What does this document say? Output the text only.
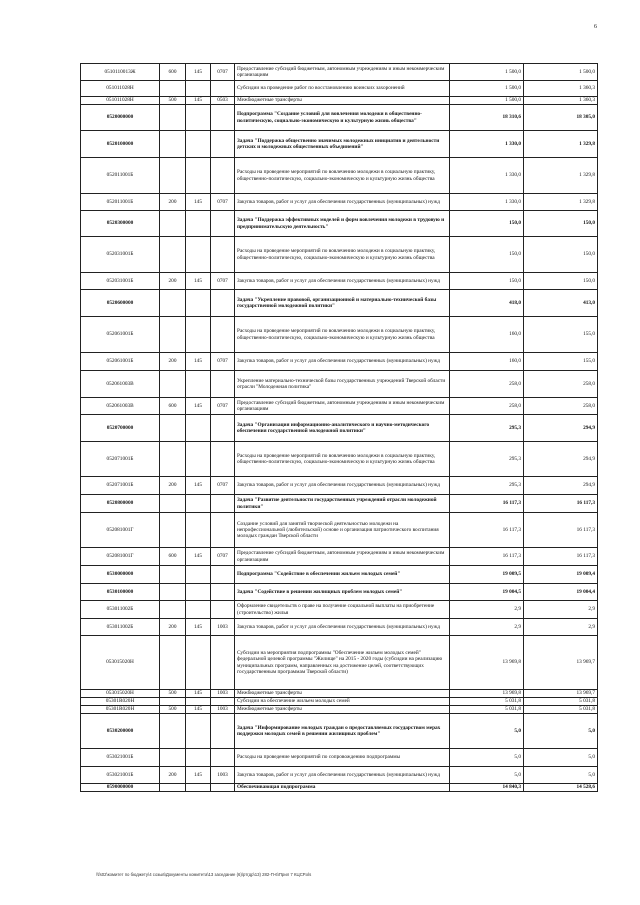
6
0510110013Ж	600	145	0707	Предоставление субсидий бюджетным, автономным учреждениям и иным некоммерческим организациям	1 500,0	1 500,0
051011028Н				Субсидии на проведение работ по восстановлению воинских захоронений	1 500,0	1 360,3
051011028Н	500	145	0503	Межбюджетные трансферты	1 500,0	1 360,3
0520000000				Подпрограмма "Создание условий для вовлечения молодежи в общественно-политическую, социально-экономическую и культурную жизнь общества"	18 310,6	18 305,0
0520100000				Задача "Поддержка общественно значимых молодежных инициатив и деятельности детских и молодежных общественных объединений"	1 330,0	1 329,8
052011001Б				Расходы на проведение мероприятий по вовлечению молодежи в социальную практику, общественно-политическую, социально-экономическую и культурную жизнь общества	1 330,0	1 329,8
052011001Б	200	145	0707	Закупка товаров, работ и услуг для обеспечения государственных (муниципальных) нужд	1 330,0	1 329,8
0520300000				Задача "Поддержка эффективных моделей и форм вовлечения молодежи в трудовую и предпринимательскую деятельность"	150,0	150,0
052031001Б				Расходы на проведение мероприятий по вовлечению молодежи в социальную практику, общественно-политическую, социально-экономическую и культурную жизнь общества	150,0	150,0
052031001Б	200	145	0707	Закупка товаров, работ и услуг для обеспечения государственных (муниципальных) нужд	150,0	150,0
0520600000				Задача "Укрепление правовой, организационной и материально-технической базы государственной молодежной политики"	418,0	413,0
052061001Б				Расходы на проведение мероприятий по вовлечению молодежи в социальную практику, общественно-политическую, социально-экономическую и культурную жизнь общества	160,0	155,0
052061001Б	200	145	0707	Закупка товаров, работ и услуг для обеспечения государственных (муниципальных) нужд	160,0	155,0
052061003В				Укрепление материально-технической базы государственных учреждений Тверской области отрасли "Молодежная политика"	258,0	258,0
052061003В	600	145	0707	Предоставление субсидий бюджетным, автономным учреждениям и иным некоммерческим организациям	258,0	258,0
0520700000				Задача "Организация информационно-аналитического и научно-методического обеспечения государственной молодежной политики"	295,3	294,9
052071001Б				Расходы на проведение мероприятий по вовлечению молодежи в социальную практику, общественно-политическую, социально-экономическую и культурную жизнь общества	295,3	294,9
052071001Б	200	145	0707	Закупка товаров, работ и услуг для обеспечения государственных (муниципальных) нужд	295,3	294,9
0520800000				Задача "Развитие деятельности государственных учреждений отрасли молодежной политики"	16 117,3	16 117,3
052081001Г				Создание условий для занятий творческой деятельностью молодежи на непрофессиональной (любительской) основе и организация патриотического воспитания молодых граждан Тверской области	16 117,3	16 117,3
052081001Г	600	145	0707	Предоставление субсидий бюджетным, автономным учреждениям и иным некоммерческим организациям	16 117,3	16 117,3
0530000000				Подпрограмма "Содействие в обеспечении жильем молодых семей"	19 009,5	19 009,4
0530100000				Задача "Содействие в решении жилищных проблем молодых семей"	19 004,5	19 004,4
053011002Б				Оформление свидетельств о праве на получение социальной выплаты на приобретение (строительство) жилья	2,9	2,9
053011002Б	200	145	1003	Закупка товаров, работ и услуг для обеспечения государственных (муниципальных) нужд	2,9	2,9
053015020Н				Субсидии на мероприятия подпрограммы "Обеспечение жильем молодых семей" федеральной целевой программы "Жилище" на 2015 - 2020 годы (субсидии на реализацию муниципальных программ, направленных на достижение целей, соответствующих государственным программам Тверской области)	13 969,8	13 969,7
053015020Н	500	145	1003	Межбюджетные трансферты	13 969,8	13 969,7
05301R020Н				Субсидии на обеспечение жильем молодых семей	5 031,8	5 031,8
05301R020Н	500	145	1003	Межбюджетные трансферты	5 031,8	5 031,8
0530200000				Задача "Информирование молодых граждан о предоставляемых государством мерах поддержки молодых семей в решении жилищных проблем"	5,0	5,0
053021001Б				Расходы на проведение мероприятий по сопровождению подпрограммы	5,0	5,0
053021001Б	200	145	1003	Закупка товаров, работ и услуг для обеспечения государственных (муниципальных) нужд	5,0	5,0
0590000000				Обеспечивающая подпрограмма	14 840,3	14 528,6
\\fs02\комитет по бюджету\4 созыв\Документы комитета\13 заседание (6)\ртгдр\13) 282-П-6\Прил 7 КЦСР.xls
